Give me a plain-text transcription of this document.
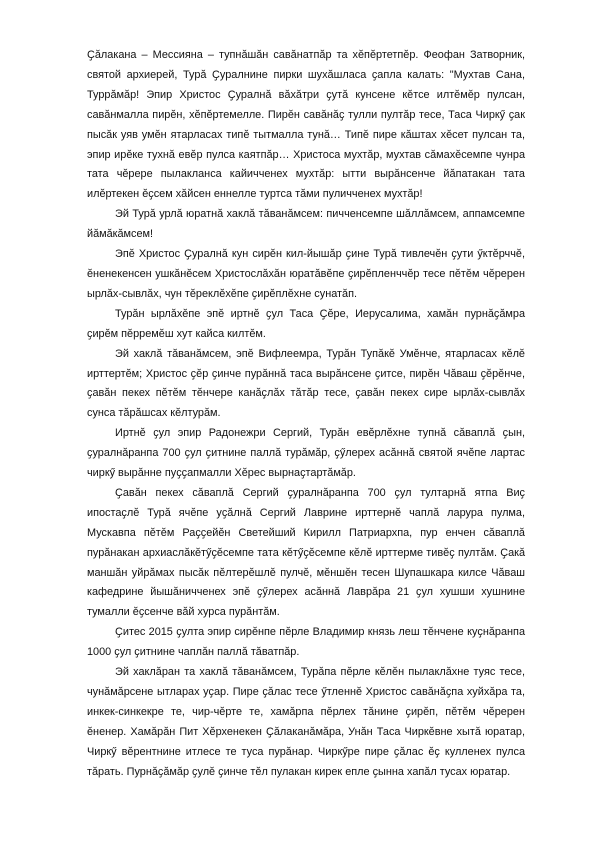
Ҫӑлакана – Мессияна – тупнӑшӑн савӑнатпӑр та хӗпӗртетпӗр. Феофан Затворник, святой архиерей, Турӑ Ҫуралнине пирки шухӑшласа ҫапла калать: "Мухтав Сана, Туррӑмӑр! Эпир Христос Ҫуралнӑ вӑхӑтри ҫутӑ кунсене кӗтсе илтӗмӗр пулсан, савӑнмалла пирӗн, хӗпӗртемелле. Пирӗн савӑнӑҫ тулли пултӑр тесе, Таса Чиркӳ ҫак пысӑк уяв умӗн ятарласах типӗ тытмалла тунӑ… Типӗ пире кӑштах хӗсет пулсан та, эпир ирӗке тухнӑ евӗр пулса каятпӑр… Христоса мухтӑр, мухтав сӑмахӗсемпе чунра тата чӗрере пылакланса кайичченех мухтӑр: ытти вырӑнсенче йӑпатакан тата илӗртекен ӗҫсем хӑйсен еннелле туртса тӑми пуличченех мухтӑр!

Эй Турӑ урлӑ юратнӑ хаклӑ тӑванӑмсем: пичченсемпе шӑллӑмсем, аппамсемпе йӑмӑкӑмсем!

Эпӗ Христос Ҫуралнӑ кун сирӗн кил-йышӑр ҫине Турӑ тивлечӗн ҫути ӳктӗрччӗ, ӗненекенсен ушкӑнӗсем Христослӑхӑн юратӑвӗпе ҫирӗпленччӗр тесе пӗтӗм чӗререн ырлӑх-сывлӑх, чун тӗреклӗхӗпе ҫирӗплӗхне сунатӑп.

Турӑн ырлӑхӗпе эпӗ иртнӗ ҫул Таса Ҫӗре, Иерусалима, хамӑн пурнӑҫӑмра ҫирӗм пӗрремӗш хут кайса килтӗм.

Эй хаклӑ тӑванӑмсем, эпӗ Вифлеемра, Турӑн Тупӑкӗ Умӗнче, ятарласах кӗлӗ ирттертӗм; Христос ҫӗр ҫинче пурӑннӑ таса вырӑнсене ҫитсе, пирӗн Чӑваш ҫӗрӗнче, ҫавӑн пекех пӗтӗм тӗнчере канӑҫлӑх тӑтӑр тесе, ҫавӑн пекех сире ырлӑх-сывлӑх сунса тӑрӑшсах кӗлтурӑм.

Иртнӗ ҫул эпир Радонежри Сергий, Турӑн евӗрлӗхне тупнӑ сӑваплӑ ҫын, ҫуралнӑранпа 700 ҫул ҫитнине паллӑ турӑмӑр, ҫӳлерех асӑннӑ святой ячӗпе лартас чиркӳ вырӑнне пуҫҫапмалли Хӗрес вырнаҫтартӑмӑр.

Ҫавӑн пекех сӑваплӑ Сергий ҫуралнӑранпа 700 ҫул тултарнӑ ятпа Виҫ ипостаҫлӗ Турӑ ячӗпе уҫӑлнӑ Сергий Лаврине ирттернӗ чаплӑ ларура пулма, Мускавпа пӗтӗм Раҫҫейӗн Светейший Кирилл Патриархпа, пур енчен сӑваплӑ пурӑнакан архиаслӑкӗтӳҫӗсемпе тата кӗтӳҫӗсемпе кӗлӗ ирттерме тивӗҫ пултӑм. Ҫакӑ маншӑн уйрӑмах пысӑк пӗлтерӗшлӗ пулчӗ, мӗншӗн тесен Шупашкара килсе Чӑваш кафедрине йышӑничченех эпӗ ҫӳлерех асӑннӑ Лаврӑра 21 ҫул хушши хушнине тумалли ӗҫсенче вӑй хурса пурӑнтӑм.

Ҫитес 2015 ҫулта эпир сирӗнпе пӗрле Владимир князь леш тӗнчене куҫнӑранпа 1000 ҫул ҫитнине чаплӑн паллӑ тӑватпӑр.

Эй хаклӑран та хаклӑ тӑванӑмсем, Турӑпа пӗрле кӗлӗн пылаклӑхне туяс тесе, чунӑмӑрсене ытларах уҫар. Пире ҫӑлас тесе ӳтленнӗ Христос савӑнӑҫпа хуйхӑра та, инкек-синкекре те, чир-чӗрте те, хамӑрпа пӗрлех тӑнине ҫирӗп, пӗтӗм чӗререн ӗненер. Хамӑрӑн Пит Хӗрхенекен Ҫӑлаканӑмӑра, Унӑн Таса Чиркӗвне хытӑ юратар, Чиркӳ вӗрентнине итлесе те туса пурӑнар. Чиркӳре пире ҫӑлас ӗҫ кулленех пулса тӑрать. Пурнӑҫӑмӑр ҫулӗ ҫинче тӗл пулакан кирек епле ҫынна хапӑл тусах юратар.
